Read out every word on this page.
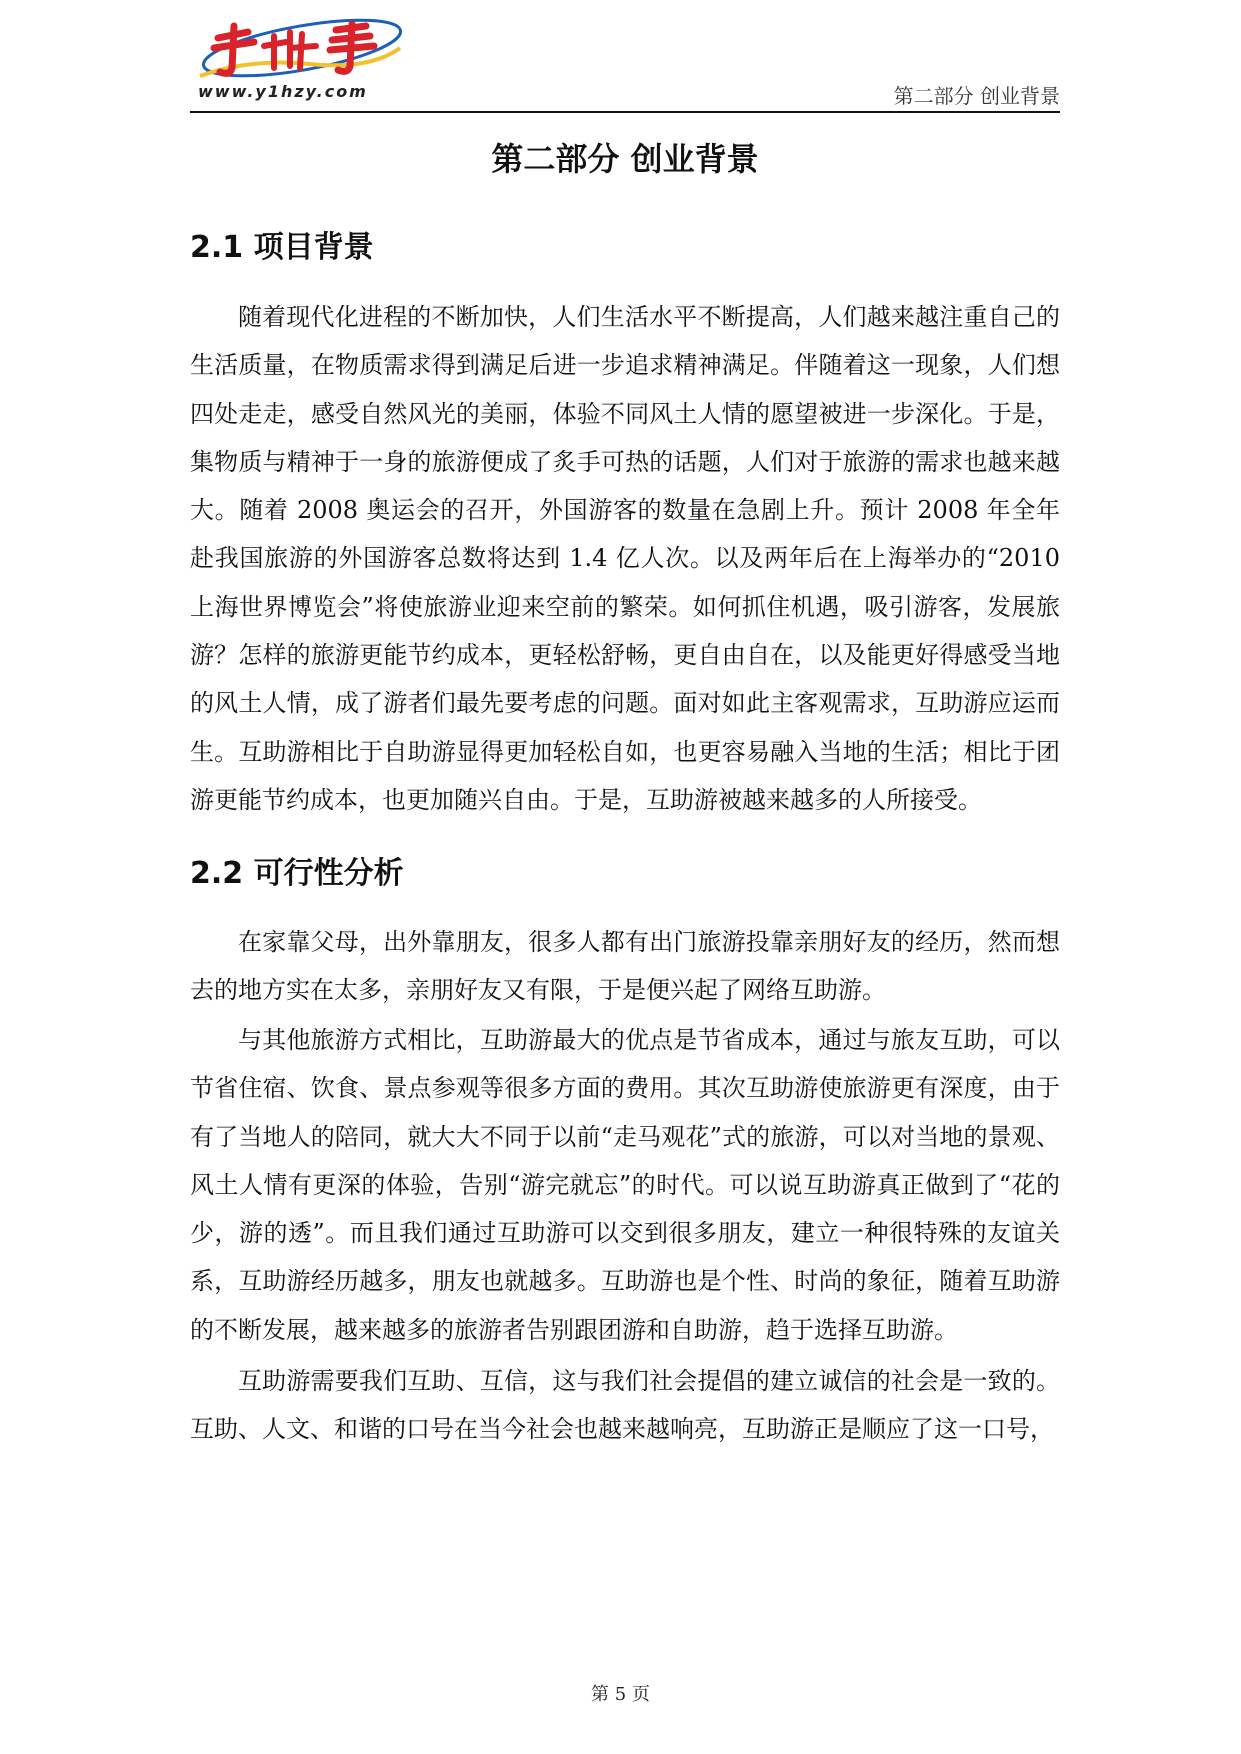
www.y1hzy.com	第二部分 创业背景
第二部分 创业背景
2.1 项目背景

随着现代化进程的不断加快，人们生活水平不断提高，人们越来越注重自己的生活质量，在物质需求得到满足后进一步追求精神满足。伴随着这一现象，人们想四处走走，感受自然风光的美丽，体验不同风土人情的愿望被进一步深化。于是，集物质与精神于一身的旅游便成了炙手可热的话题，人们对于旅游的需求也越来越大。随着 2008 奥运会的召开，外国游客的数量在急剧上升。预计 2008 年全年赴我国旅游的外国游客总数将达到 1.4 亿人次。以及两年后在上海举办的“2010 上海世界博览会”将使旅游业迎来空前的繁荣。如何抓住机遇，吸引游客，发展旅游？怎样的旅游更能节约成本，更轻松舒畅，更自由自在，以及能更好得感受当地的风土人情，成了游者们最先要考虑的问题。面对如此主客观需求，互助游应运而生。互助游相比于自助游显得更加轻松自如，也更容易融入当地的生活；相比于团游更能节约成本，也更加随兴自由。于是，互助游被越来越多的人所接受。

2.2 可行性分析

在家靠父母，出外靠朋友，很多人都有出门旅游投靠亲朋好友的经历，然而想去的地方实在太多，亲朋好友又有限，于是便兴起了网络互助游。

与其他旅游方式相比，互助游最大的优点是节省成本，通过与旅友互助，可以节省住宿、饮食、景点参观等很多方面的费用。其次互助游使旅游更有深度，由于有了当地人的陪同，就大大不同于以前“走马观花”式的旅游，可以对当地的景观、风土人情有更深的体验，告别“游完就忘”的时代。可以说互助游真正做到了“花的少，游的透”。而且我们通过互助游可以交到很多朋友，建立一种很特殊的友谊关系，互助游经历越多，朋友也就越多。互助游也是个性、时尚的象征，随着互助游的不断发展，越来越多的旅游者告别跟团游和自助游，趋于选择互助游。

互助游需要我们互助、互信，这与我们社会提倡的建立诚信的社会是一致的。互助、人文、和谐的口号在当今社会也越来越响亮，互助游正是顺应了这一口号，

第 5 页
